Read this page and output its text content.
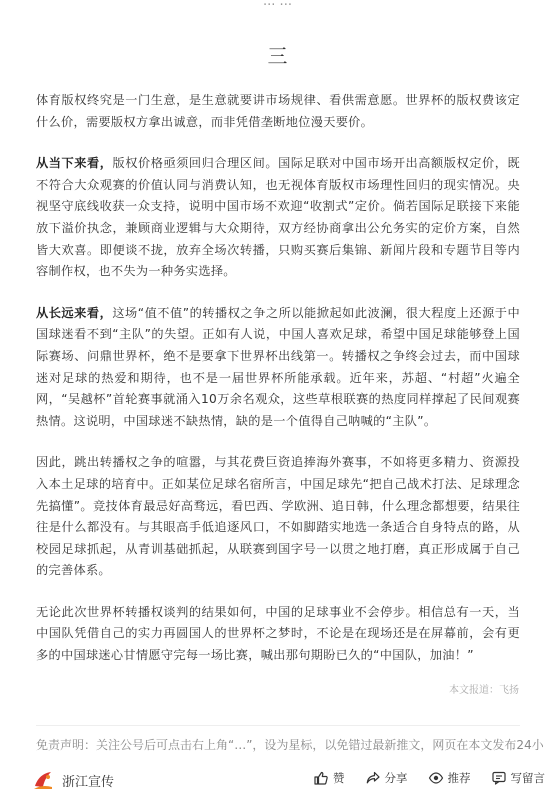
... ...
三

体育版权终究是一门生意，是生意就要讲市场规律、看供需意愿。世界杯的版权费该定什么价，需要版权方拿出诚意，而非凭借垄断地位漫天要价。

从当下来看，版权价格亟须回归合理区间。国际足联对中国市场开出高额版权定价，既不符合大众观赛的价值认同与消费认知，也无视体育版权市场理性回归的现实情况。央视坚守底线收获一众支持，说明中国市场不欢迎“收割式”定价。倘若国际足联接下来能放下溢价执念，兼顾商业逻辑与大众期待，双方经协商拿出公允务实的定价方案，自然皆大欢喜。即便谈不拢，放弃全场次转播，只购买赛后集锦、新闻片段和专题节目等内容制作权，也不失为一种务实选择。

从长远来看，这场“值不值”的转播权之争之所以能掀起如此波澜，很大程度上还源于中国球迷看不到“主队”的失望。正如有人说，中国人喜欢足球，希望中国足球能够登上国际赛场、问鼎世界杯，绝不是要拿下世界杯出线第一。转播权之争终会过去，而中国球迷对足球的热爱和期待，也不是一届世界杯所能承载。近年来，苏超、“村超”火遍全网，“吴越杯”首轮赛事就涌入10万余名观众，这些草根联赛的热度同样撑起了民间观赛热情。这说明，中国球迷不缺热情，缺的是一个值得自己呐喊的“主队”。

因此，跳出转播权之争的喧嚣，与其花费巨资追捧海外赛事，不如将更多精力、资源投入本土足球的培育中。正如某位足球名宿所言，中国足球先“把自己战术打法、足球理念先搞懂”。竞技体育最忌好高骛远，看巴西、学欧洲、追日韩，什么理念都想要，结果往往是什么都没有。与其眼高手低追逐风口，不如脚踏实地选一条适合自身特点的路，从校园足球抓起，从青训基础抓起，从联赛到国字号一以贯之地打磨，真正形成属于自己的完善体系。

无论此次世界杯转播权谈判的结果如何，中国的足球事业不会停步。相信总有一天，当中国队凭借自己的实力再圆国人的世界杯之梦时，不论是在现场还是在屏幕前，会有更多的中国球迷心甘情愿守完每一场比赛，喊出那句期盼已久的“中国队，加油！”

本文报道：飞扬
免责声明：关注公号后可点击右上角“…”，设为星标，以免错过最新推文，网页在本文发布24小
浙江宣传	赞	分享	推荐	写留言
